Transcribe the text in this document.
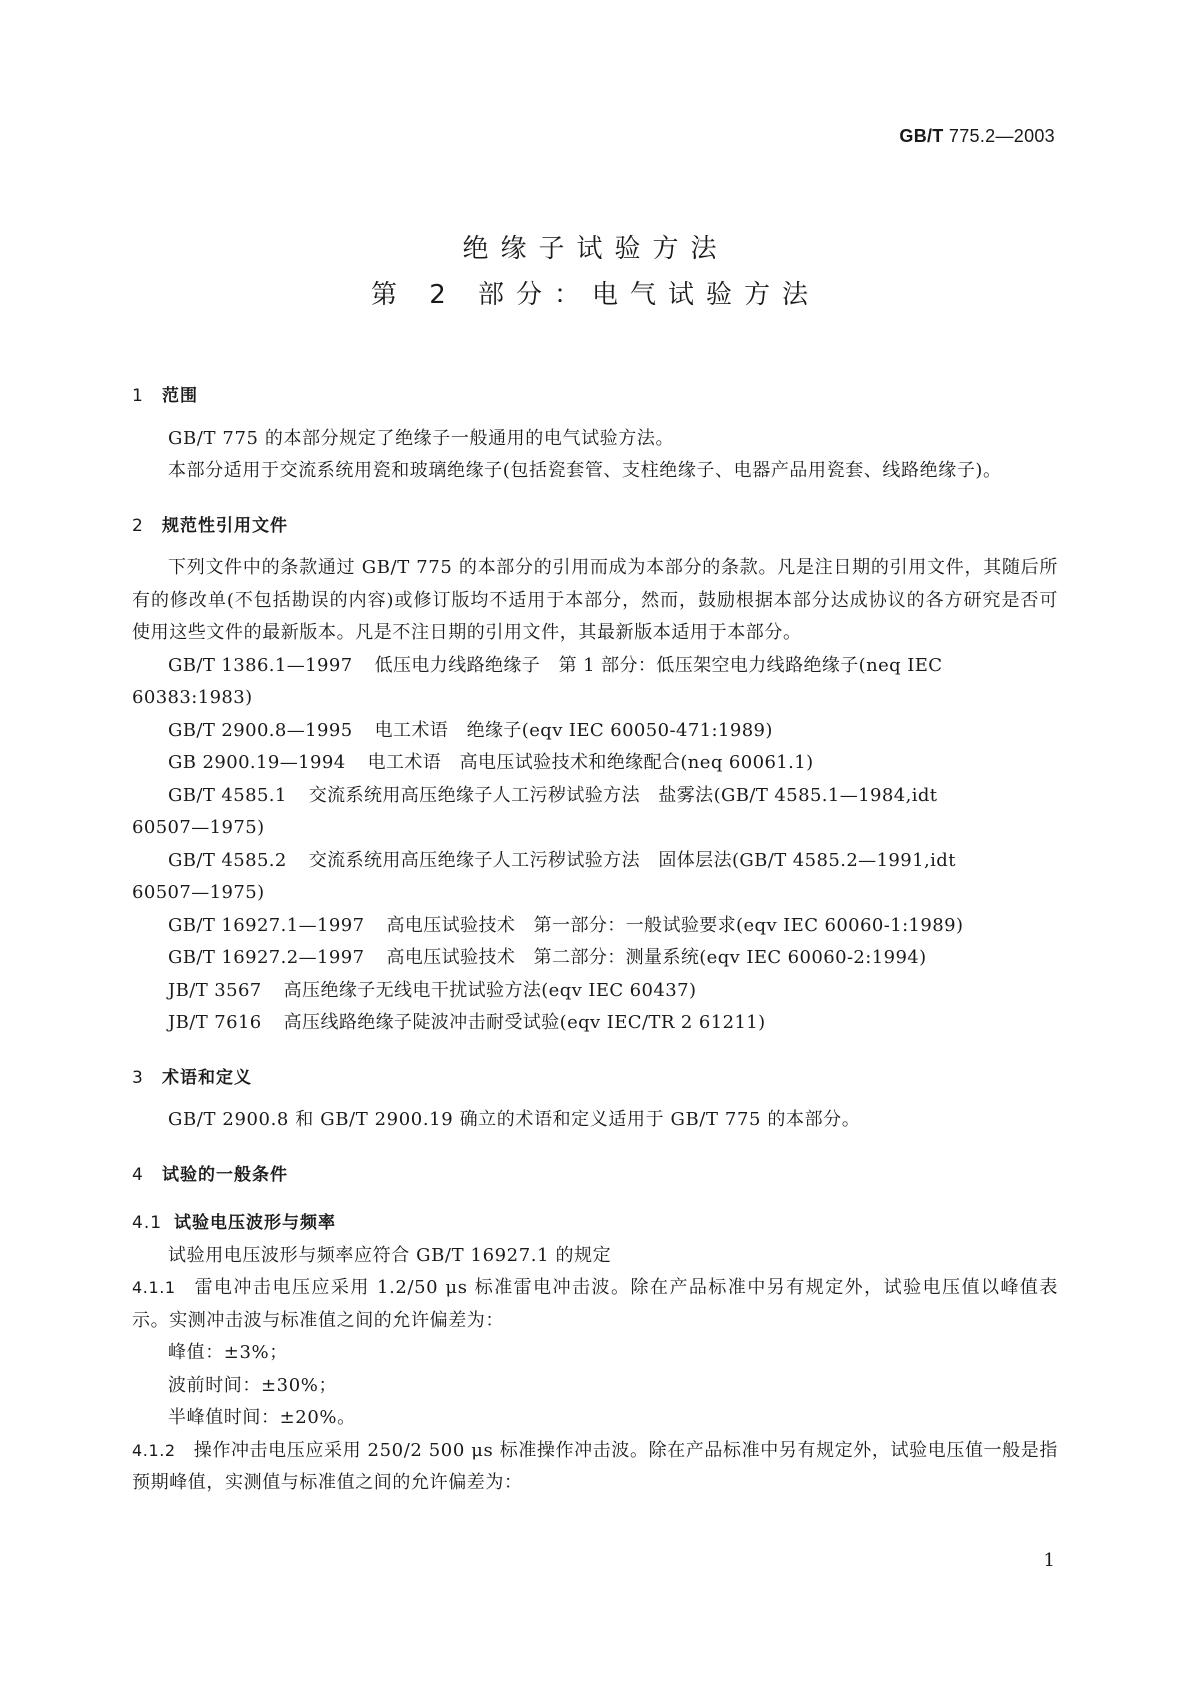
GB/T 775.2—2003
绝缘子试验方法
第 2 部分：电气试验方法
1 范围
GB/T 775 的本部分规定了绝缘子一般通用的电气试验方法。
本部分适用于交流系统用瓷和玻璃绝缘子(包括瓷套管、支柱绝缘子、电器产品用瓷套、线路绝缘子)。
2 规范性引用文件
下列文件中的条款通过 GB/T 775 的本部分的引用而成为本部分的条款。凡是注日期的引用文件，其随后所有的修改单(不包括勘误的内容)或修订版均不适用于本部分，然而，鼓励根据本部分达成协议的各方研究是否可使用这些文件的最新版本。凡是不注日期的引用文件，其最新版本适用于本部分。
GB/T 1386.1—1997 低压电力线路绝缘子　第 1 部分：低压架空电力线路绝缘子(neq IEC
60383:1983)
GB/T 2900.8—1995 电工术语　绝缘子(eqv IEC 60050-471:1989)
GB 2900.19—1994 电工术语　高电压试验技术和绝缘配合(neq 60061.1)
GB/T 4585.1 交流系统用高压绝缘子人工污秽试验方法　盐雾法(GB/T 4585.1—1984,idt
60507—1975)
GB/T 4585.2 交流系统用高压绝缘子人工污秽试验方法　固体层法(GB/T 4585.2—1991,idt
60507—1975)
GB/T 16927.1—1997 高电压试验技术　第一部分：一般试验要求(eqv IEC 60060-1:1989)
GB/T 16927.2—1997 高电压试验技术　第二部分：测量系统(eqv IEC 60060-2:1994)
JB/T 3567 高压绝缘子无线电干扰试验方法(eqv IEC 60437)
JB/T 7616 高压线路绝缘子陡波冲击耐受试验(eqv IEC/TR 2 61211)
3 术语和定义
GB/T 2900.8 和 GB/T 2900.19 确立的术语和定义适用于 GB/T 775 的本部分。
4 试验的一般条件
4.1 试验电压波形与频率
试验用电压波形与频率应符合 GB/T 16927.1 的规定
4.1.1 雷电冲击电压应采用 1.2/50 μs 标准雷电冲击波。除在产品标准中另有规定外，试验电压值以峰值表示。实测冲击波与标准值之间的允许偏差为：
峰值：±3%；
波前时间：±30%；
半峰值时间：±20%。
4.1.2 操作冲击电压应采用 250/2 500 μs 标准操作冲击波。除在产品标准中另有规定外，试验电压值一般是指预期峰值，实测值与标准值之间的允许偏差为：
1
